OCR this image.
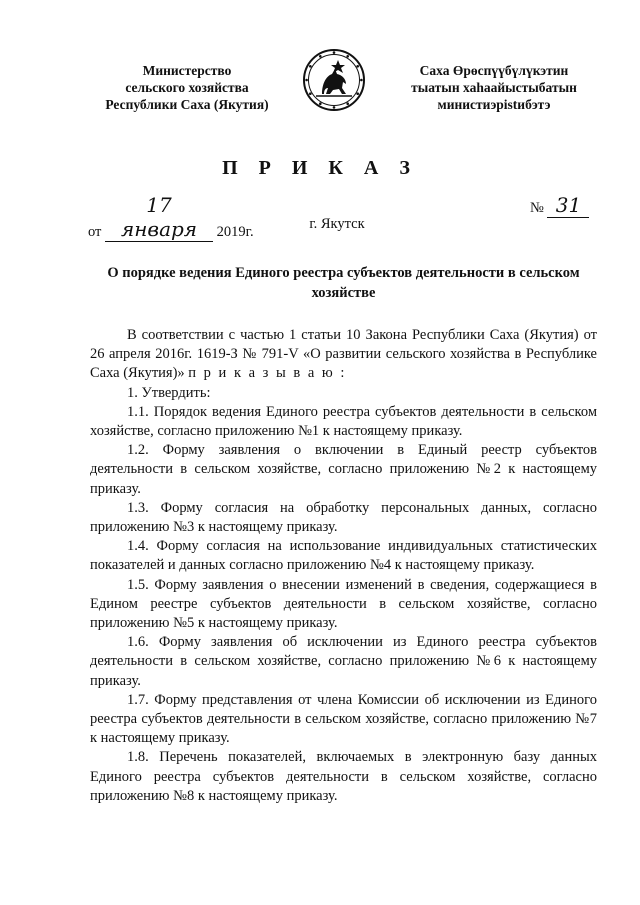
Министерство
сельского хозяйства
Республики Саха (Якутия)
Саха Өрөспүүбүлүкэтин
тыатын хаһаайыстыбатын
министиэрistибэтэ
П Р И К А З
от 17 января 2019г.
№ 31
г. Якутск
О порядке ведения Единого реестра субъектов деятельности в сельском хозяйстве

В соответствии с частью 1 статьи 10 Закона Республики Саха (Якутия) от 26 апреля 2016г. 1619-З № 791-V «О развитии сельского хозяйства в Республике Саха (Якутия)» п р и к а з ы в а ю :

1. Утвердить:

1.1. Порядок ведения Единого реестра субъектов деятельности в сельском хозяйстве, согласно приложению №1 к настоящему приказу.

1.2. Форму заявления о включении в Единый реестр субъектов деятельности в сельском хозяйстве, согласно приложению №2 к настоящему приказу.

1.3. Форму согласия на обработку персональных данных, согласно приложению №3 к настоящему приказу.

1.4. Форму согласия на использование индивидуальных статистических показателей и данных согласно приложению №4 к настоящему приказу.

1.5. Форму заявления о внесении изменений в сведения, содержащиеся в Едином реестре субъектов деятельности в сельском хозяйстве, согласно приложению №5 к настоящему приказу.

1.6. Форму заявления об исключении из Единого реестра субъектов деятельности в сельском хозяйстве, согласно приложению №6 к настоящему приказу.

1.7. Форму представления от члена Комиссии об исключении из Единого реестра субъектов деятельности в сельском хозяйстве, согласно приложению №7 к настоящему приказу.

1.8. Перечень показателей, включаемых в электронную базу данных Единого реестра субъектов деятельности в сельском хозяйстве, согласно приложению №8 к настоящему приказу.
